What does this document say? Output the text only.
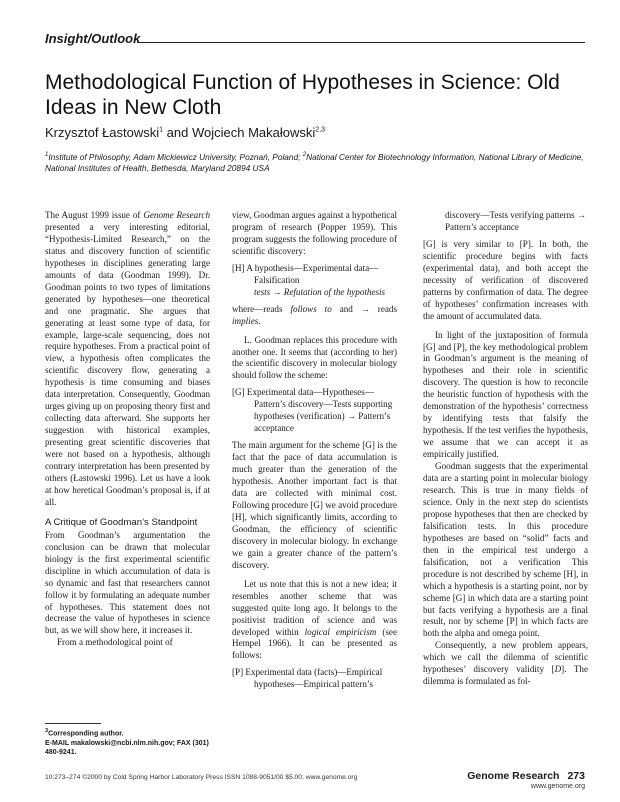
Insight/Outlook
Methodological Function of Hypotheses in Science: Old Ideas in New Cloth
Krzysztof Łastowski$^1$ and Wojciech Makałowski$^{2,3}$
$^1$Institute of Philosophy, Adam Mickiewicz University, Poznań, Poland; $^2$National Center for Biotechnology Information, National Library of Medicine, National Institutes of Health, Bethesda, Maryland 20894 USA

The August 1999 issue of Genome Research presented a very interesting editorial, “Hypothesis-Limited Research,” on the status and discovery function of scientific hypotheses in disciplines generating large amounts of data (Goodman 1999). Dr. Goodman points to two types of limitations generated by hypotheses—one theoretical and one pragmatic. She argues that generating at least some type of data, for example, large-scale sequencing, does not require hypotheses. From a practical point of view, a hypothesis often complicates the scientific discovery flow, generating a hypothesis is time consuming and biases data interpretation. Consequently, Goodman urges giving up on proposing theory first and collecting data afterward. She supports her suggestion with historical examples, presenting great scientific discoveries that were not based on a hypothesis, although contrary interpretation has been presented by others (Łastowski 1996). Let us have a look at how heretical Goodman’s proposal is, if at all.

A Critique of Goodman’s Standpoint

From Goodman’s argumentation the conclusion can be drawn that molecular biology is the first experimental scientific discipline in which accumulation of data is so dynamic and fast that researchers cannot follow it by formulating an adequate number of hypotheses. This statement does not decrease the value of hypotheses in science but, as we will show here, it increases it.

From a methodological point of

view, Goodman argues against a hypothetical program of research (Popper 1959). This program suggests the following procedure of scientific discovery:

[H] A hypothesis—Experimental data—
Falsification
tests → Refutation of the hypothesis

where—reads follows to and → reads implies.

L. Goodman replaces this procedure with another one. It seems that (according to her) the scientific discovery in molecular biology should follow the scheme:

[G] Experimental data—Hypotheses—
Pattern’s discovery—Tests supporting hypotheses (verification) → Pattern’s acceptance

The main argument for the scheme [G] is the fact that the pace of data accumulation is much greater than the generation of the hypothesis. Another important fact is that data are collected with minimal cost. Following procedure [G] we avoid procedure [H], which significantly limits, according to Goodman, the efficiency of scientific discovery in molecular biology. In exchange we gain a greater chance of the pattern’s discovery.

Let us note that this is not a new idea; it resembles another scheme that was suggested quite long ago. It belongs to the positivist tradition of science and was developed within logical empiricism (see Hempel 1966). It can be presented as follows:

[P] Experimental data (facts)—Empirical
hypotheses—Empirical pattern’s
discovery—Tests verifying patterns →
Pattern’s acceptance

[G] is very similar to [P]. In both, the scientific procedure begins with facts (experimental data), and both accept the necessity of verification of discovered patterns by confirmation of data. The degree of hypotheses’ confirmation increases with the amount of accumulated data.

In light of the juxtaposition of formula [G] and [P], the key methodological problem in Goodman’s argument is the meaning of hypotheses and their role in scientific discovery. The question is how to reconcile the heuristic function of hypothesis with the demonstration of the hypothesis’ correctness by identifying tests that falsify the hypothesis. If the test verifies the hypothesis, we assume that we can accept it as empirically justified.

Goodman suggests that the experimental data are a starting point in molecular biology research. This is true in many fields of science. Only in the next step do scientists propose hypotheses that then are checked by falsification tests. In this procedure hypotheses are based on “solid” facts and then in the empirical test undergo a falsification, not a verification This procedure is not described by scheme [H], in which a hypothesis is a starting point, nor by scheme [G] in which data are a starting point but facts verifying a hypothesis are a final result, nor by scheme [P] in which facts are both the alpha and omega point.

Consequently, a new problem appears, which we call the dilemma of scientific hypotheses’ discovery validity [D]. The dilemma is formulated as fol-

$^3$Corresponding author.
E-MAIL makalowski@ncbi.nlm.nih.gov; FAX (301) 480-9241.
10:273–274 ©2000 by Cold Spring Harbor Laboratory Press ISSN 1088-9051/00 $5.00; www.genome.org	Genome Research 273
www.genome.org
